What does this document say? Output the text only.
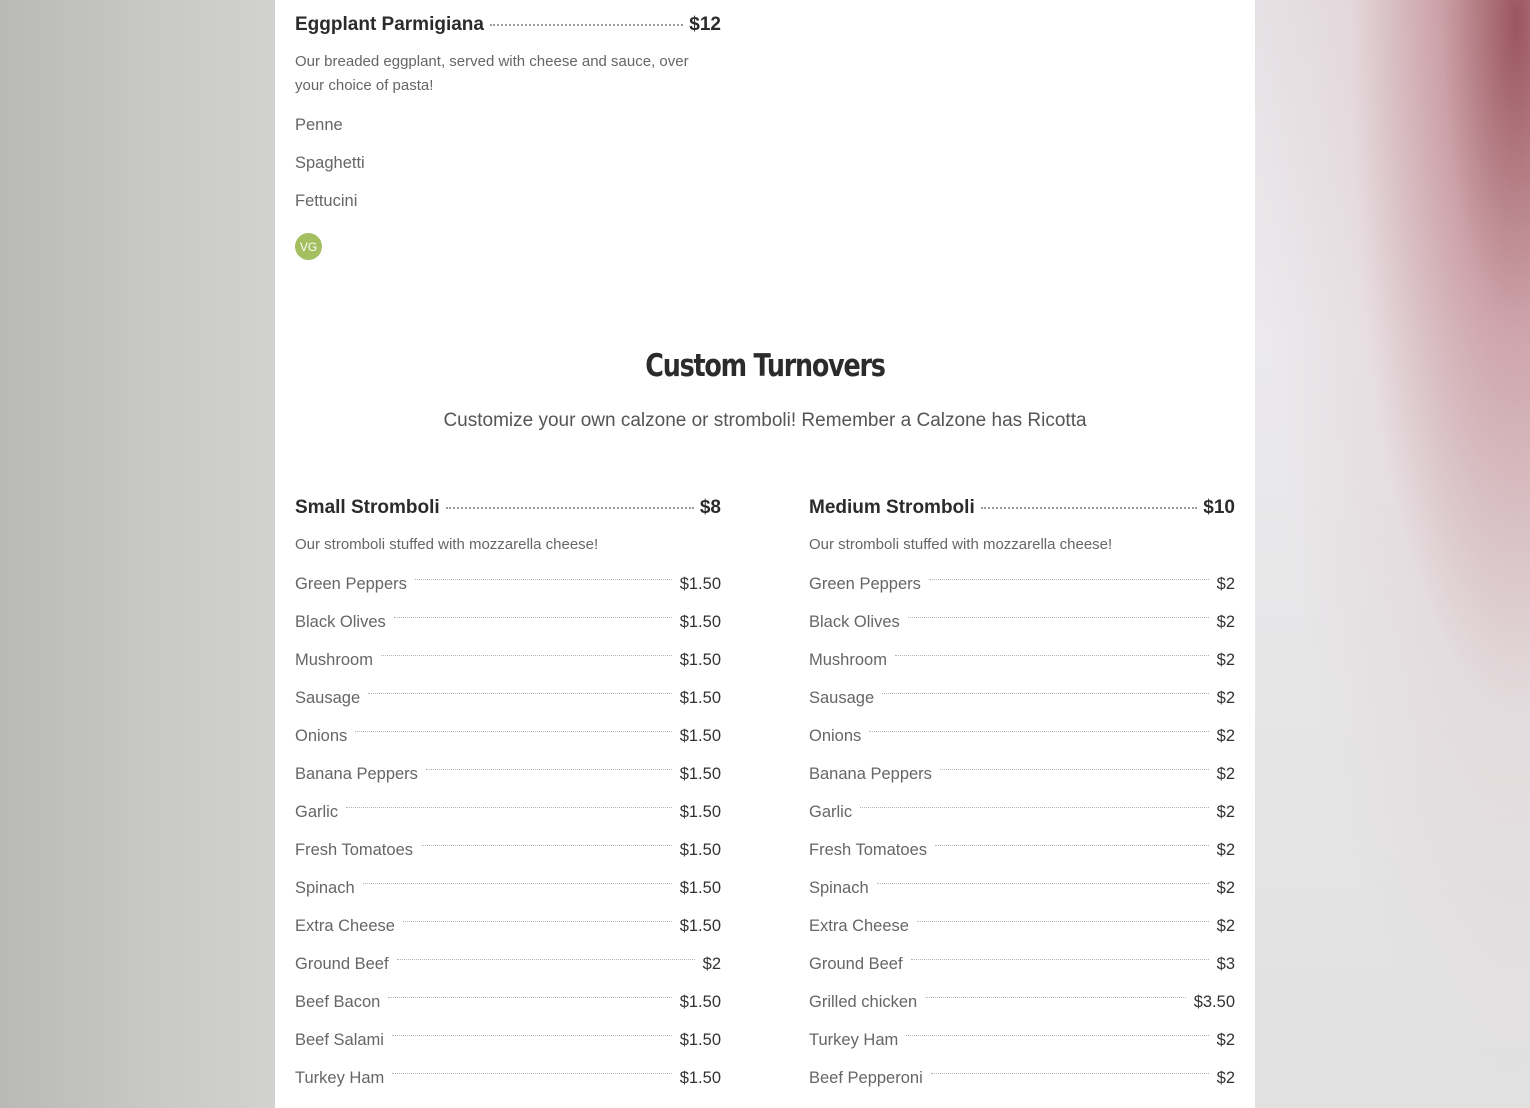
Eggplant Parmigiana	$12
Our breaded eggplant, served with cheese and sauce, over your choice of pasta!
Penne
Spaghetti
Fettucini
VG
Custom Turnovers
Customize your own calzone or stromboli! Remember a Calzone has Ricotta
Small Stromboli	$8
Our stromboli stuffed with mozzarella cheese!
Green Peppers	$1.50
Black Olives	$1.50
Mushroom	$1.50
Sausage	$1.50
Onions	$1.50
Banana Peppers	$1.50
Garlic	$1.50
Fresh Tomatoes	$1.50
Spinach	$1.50
Extra Cheese	$1.50
Ground Beef	$2
Beef Bacon	$1.50
Beef Salami	$1.50
Turkey Ham	$1.50
Medium Stromboli	$10
Our stromboli stuffed with mozzarella cheese!
Green Peppers	$2
Black Olives	$2
Mushroom	$2
Sausage	$2
Onions	$2
Banana Peppers	$2
Garlic	$2
Fresh Tomatoes	$2
Spinach	$2
Extra Cheese	$2
Ground Beef	$3
Grilled chicken	$3.50
Turkey Ham	$2
Beef Pepperoni	$2
